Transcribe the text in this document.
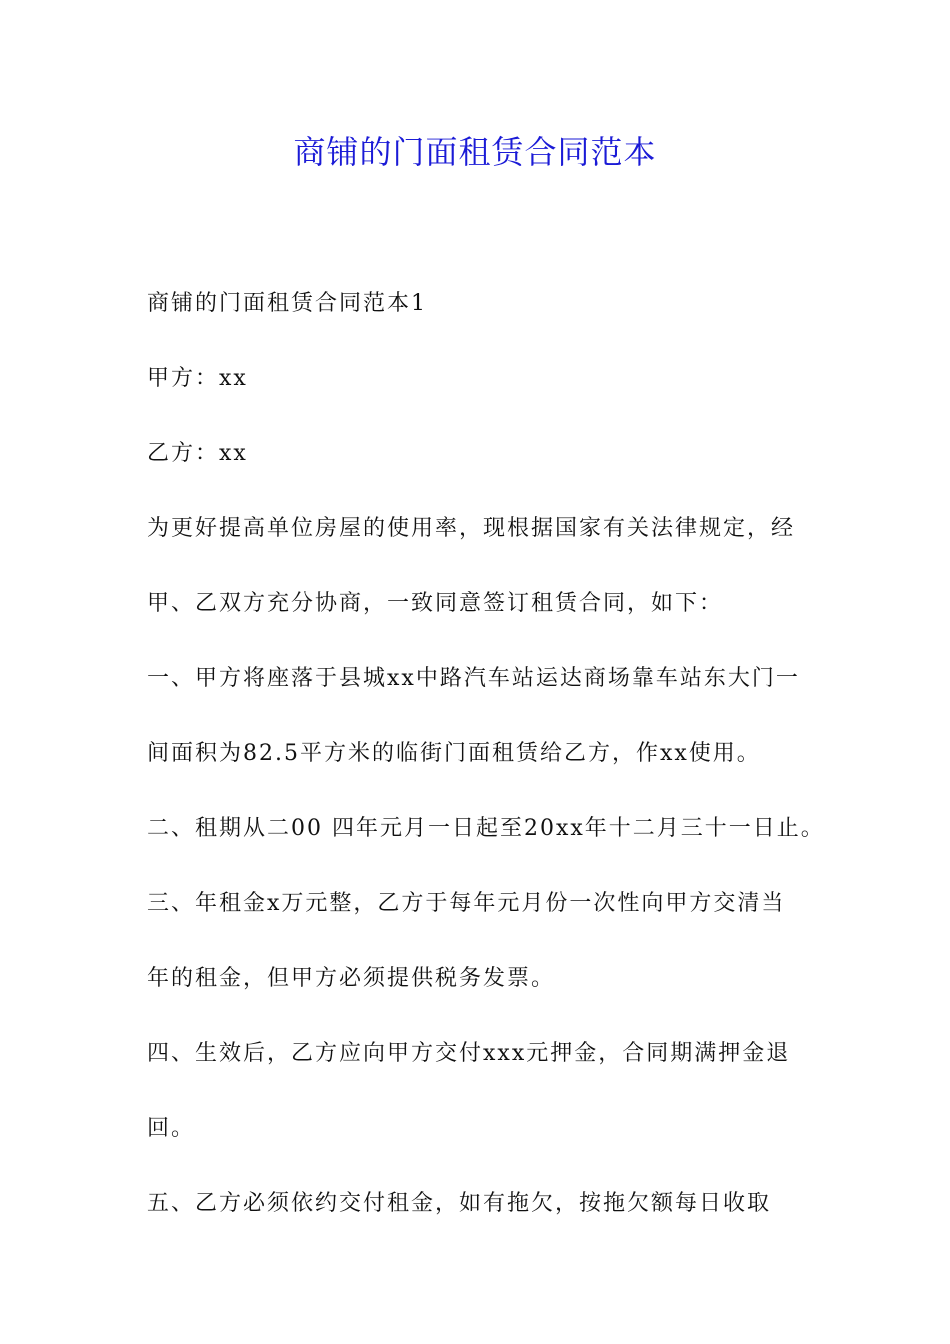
商铺的门面租赁合同范本

商铺的门面租赁合同范本1

甲方：xx

乙方：xx

为更好提高单位房屋的使用率，现根据国家有关法律规定，经

甲、乙双方充分协商，一致同意签订租赁合同，如下：

一、甲方将座落于县城xx中路汽车站运达商场靠车站东大门一

间面积为82.5平方米的临街门面租赁给乙方，作xx使用。

二、租期从二00 四年元月一日起至20xx年十二月三十一日止。

三、年租金x万元整，乙方于每年元月份一次性向甲方交清当

年的租金，但甲方必须提供税务发票。

四、生效后，乙方应向甲方交付xxx元押金，合同期满押金退

回。

五、乙方必须依约交付租金，如有拖欠，按拖欠额每日收取
